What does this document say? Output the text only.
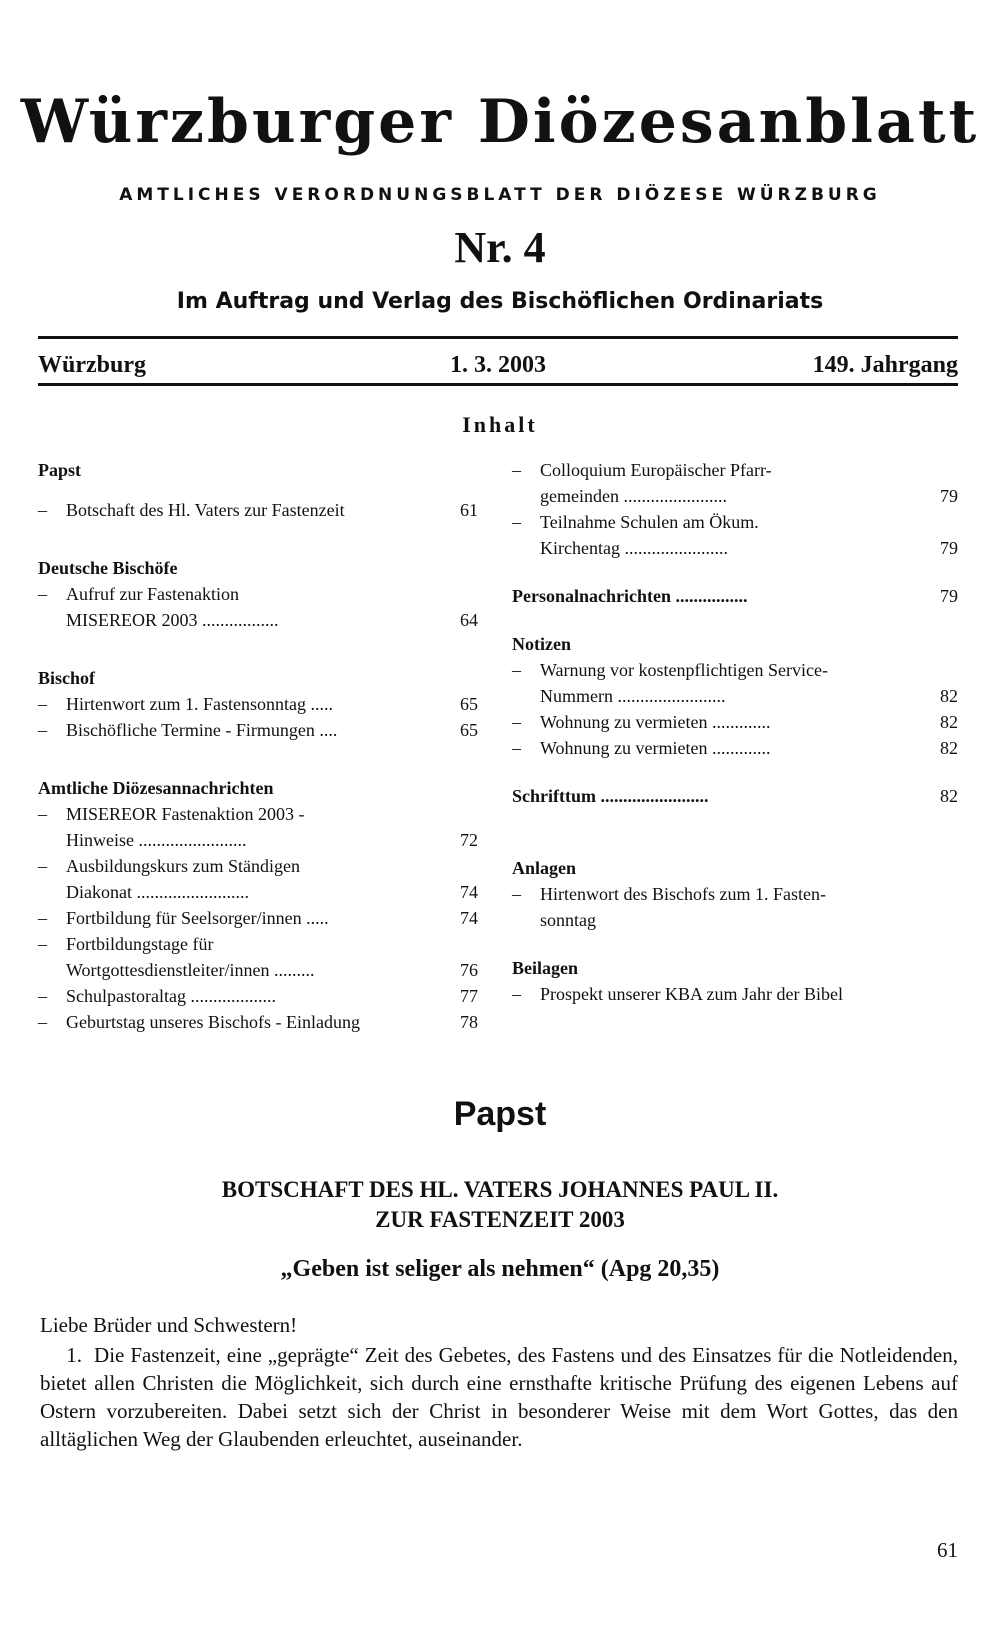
Würzburger Diözesanblatt
AMTLICHES VERORDNUNGSBLATT DER DIÖZESE WÜRZBURG
Nr. 4
Im Auftrag und Verlag des Bischöflichen Ordinariats
Würzburg	1. 3. 2003	149. Jahrgang
Inhalt
Papst
– Botschaft des Hl. Vaters zur Fastenzeit	61
Deutsche Bischöfe
– Aufruf zur Fastenaktion
MISEREOR 2003 .................	64
Bischof
– Hirtenwort zum 1. Fastensonntag .....	65
– Bischöfliche Termine - Firmungen ....	65
Amtliche Diözesannachrichten
– MISEREOR Fastenaktion 2003 -
Hinweise ........................	72
– Ausbildungskurs zum Ständigen
Diakonat .........................	74
– Fortbildung für Seelsorger/innen .....	74
– Fortbildungstage für
Wortgottesdienstleiter/innen .........	76
– Schulpastoraltag ...................	77
– Geburtstag unseres Bischofs - Einladung	78
– Colloquium Europäischer Pfarr-
gemeinden .......................	79
– Teilnahme Schulen am Ökum.
Kirchentag .......................	79
Personalnachrichten ................	79
Notizen
– Warnung vor kostenpflichtigen Service-
Nummern ........................	82
– Wohnung zu vermieten .............	82
– Wohnung zu vermieten .............	82
Schrifttum ........................	82
Anlagen
– Hirtenwort des Bischofs zum 1. Fasten-
sonntag
Beilagen
– Prospekt unserer KBA zum Jahr der Bibel
Papst
BOTSCHAFT DES HL. VATERS JOHANNES PAUL II.
ZUR FASTENZEIT 2003
„Geben ist seliger als nehmen“ (Apg 20,35)
Liebe Brüder und Schwestern!
1. Die Fastenzeit, eine „geprägte“ Zeit des Gebetes, des Fastens und des Einsatzes für die Notleidenden, bietet allen Christen die Möglichkeit, sich durch eine ernsthafte kritische Prüfung des eigenen Lebens auf Ostern vorzubereiten. Dabei setzt sich der Christ in besonderer Weise mit dem Wort Gottes, das den alltäglichen Weg der Glaubenden erleuchtet, auseinander.
61
